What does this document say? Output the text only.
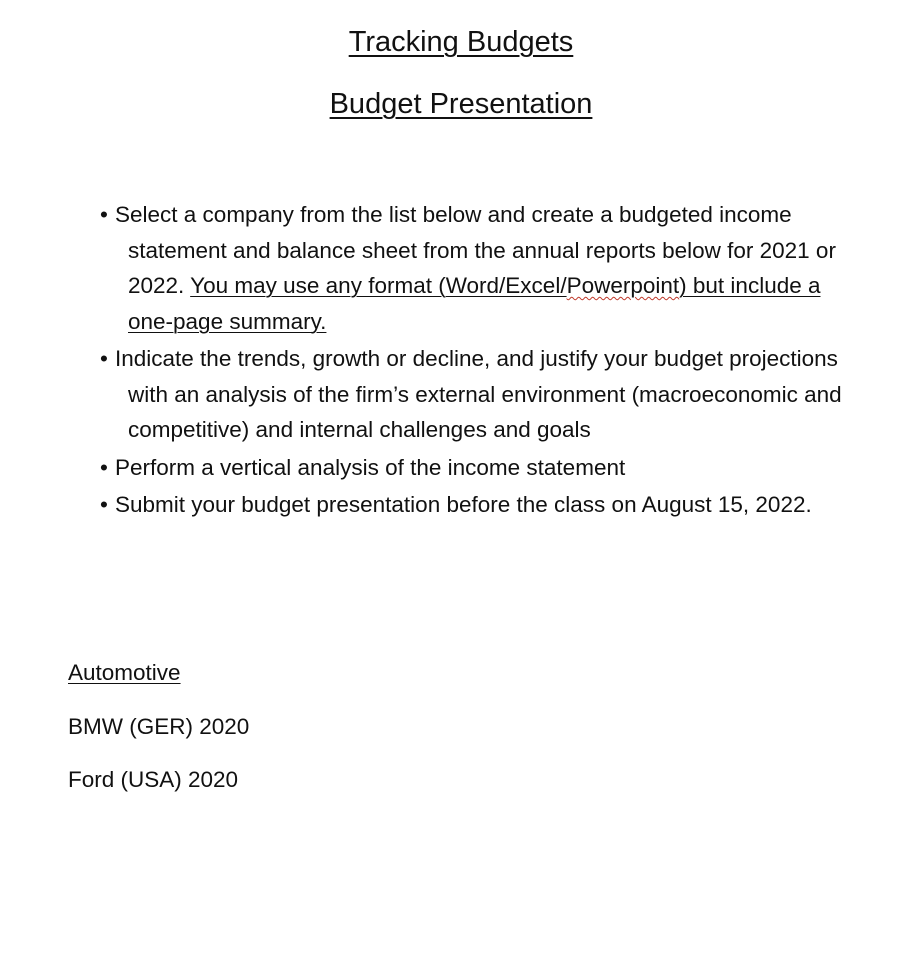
Tracking Budgets
Budget Presentation
• Select a company from the list below and create a budgeted income statement and balance sheet from the annual reports below for 2021 or 2022. You may use any format (Word/Excel/Powerpoint) but include a one-page summary.
• Indicate the trends, growth or decline, and justify your budget projections with an analysis of the firm’s external environment (macroeconomic and competitive) and internal challenges and goals
• Perform a vertical analysis of the income statement
• Submit your budget presentation before the class on August 15, 2022.

Automotive

BMW (GER) 2020

Ford (USA) 2020
